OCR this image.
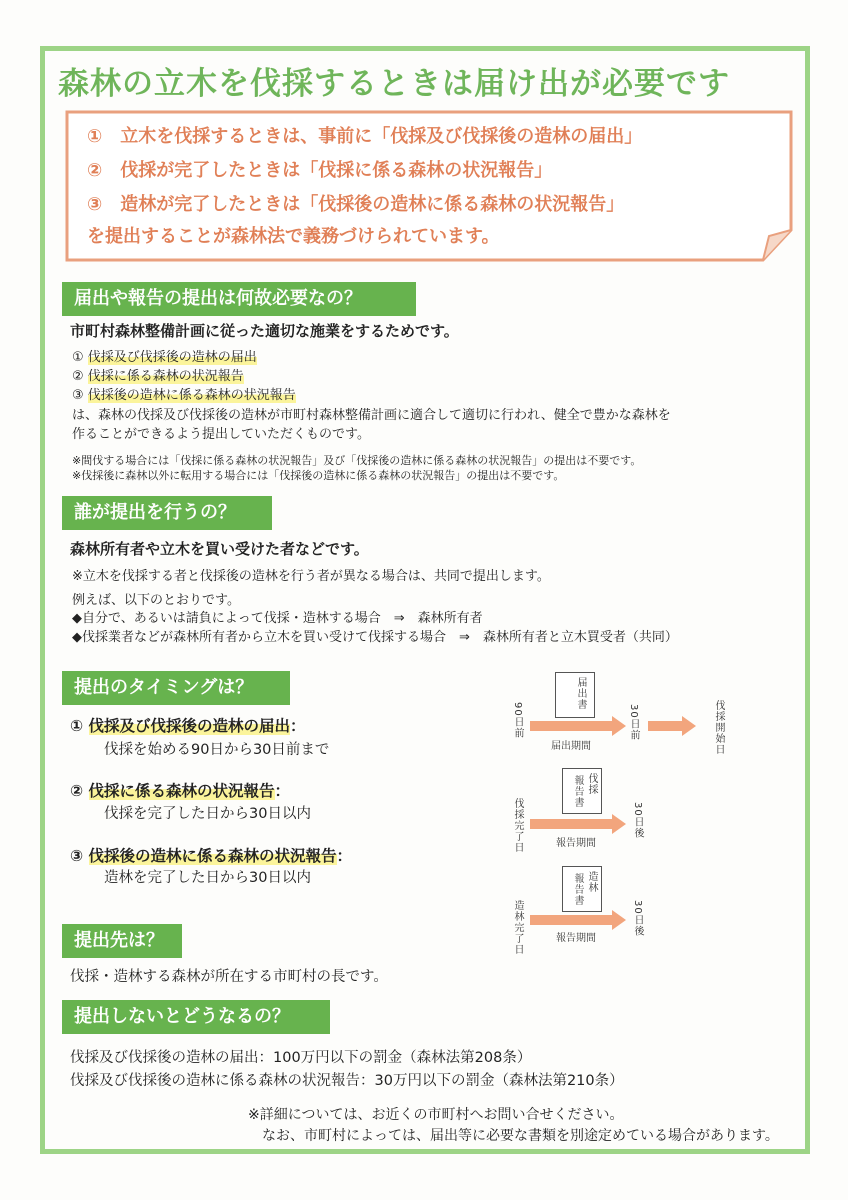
森林の立木を伐採するときは届け出が必要です
①　立木を伐採するときは、事前に「伐採及び伐採後の造林の届出」
②　伐採が完了したときは「伐採に係る森林の状況報告」
③　造林が完了したときは「伐採後の造林に係る森林の状況報告」
を提出することが森林法で義務づけられています。
届出や報告の提出は何故必要なの？
市町村森林整備計画に従った適切な施業をするためです。
① 伐採及び伐採後の造林の届出
② 伐採に係る森林の状況報告
③ 伐採後の造林に係る森林の状況報告
は、森林の伐採及び伐採後の造林が市町村森林整備計画に適合して適切に行われ、健全で豊かな森林を
作ることができるよう提出していただくものです。
※間伐する場合には「伐採に係る森林の状況報告」及び「伐採後の造林に係る森林の状況報告」の提出は不要です。
※伐採後に森林以外に転用する場合には「伐採後の造林に係る森林の状況報告」の提出は不要です。
誰が提出を行うの？
森林所有者や立木を買い受けた者などです。
※立木を伐採する者と伐採後の造林を行う者が異なる場合は、共同で提出します。
例えば、以下のとおりです。
◆自分で、あるいは請負によって伐採・造林する場合　⇒　森林所有者
◆伐採業者などが森林所有者から立木を買い受けて伐採する場合　⇒　森林所有者と立木買受者（共同）
提出のタイミングは？
① 伐採及び伐採後の造林の届出：
伐採を始める90日から30日前まで
② 伐採に係る森林の状況報告：
伐採を完了した日から30日以内
③ 伐採後の造林に係る森林の状況報告：
造林を完了した日から30日以内
届出書
90日前
届出期間
30日前	伐採開始日
伐採
報告書
伐採完了日	報告期間
30日後
造林
報告書
造林完了日	報告期間
30日後
提出先は？
伐採・造林する森林が所在する市町村の長です。
提出しないとどうなるの？
伐採及び伐採後の造林の届出：100万円以下の罰金（森林法第208条）
伐採及び伐採後の造林に係る森林の状況報告：30万円以下の罰金（森林法第210条）
※詳細については、お近くの市町村へお問い合せください。
なお、市町村によっては、届出等に必要な書類を別途定めている場合があります。
